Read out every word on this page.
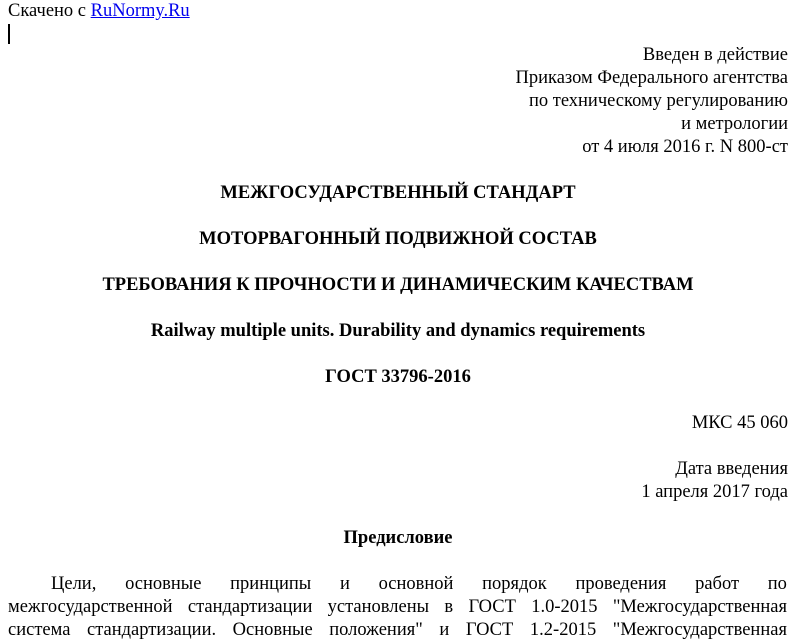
Скачено с RuNormy.Ru
Введен в действие
Приказом Федерального агентства
по техническому регулированию
и метрологии
от 4 июля 2016 г. N 800-ст
МЕЖГОСУДАРСТВЕННЫЙ СТАНДАРТ
МОТОРВАГОННЫЙ ПОДВИЖНОЙ СОСТАВ
ТРЕБОВАНИЯ К ПРОЧНОСТИ И ДИНАМИЧЕСКИМ КАЧЕСТВАМ
Railway multiple units. Durability and dynamics requirements
ГОСТ 33796-2016
МКС 45 060
Дата введения
1 апреля 2017 года
Предисловие
Цели, основные принципы и основной порядок проведения работ по
межгосударственной стандартизации установлены в ГОСТ 1.0-2015 "Межгосударственная
система стандартизации. Основные положения" и ГОСТ 1.2-2015 "Межгосударственная
